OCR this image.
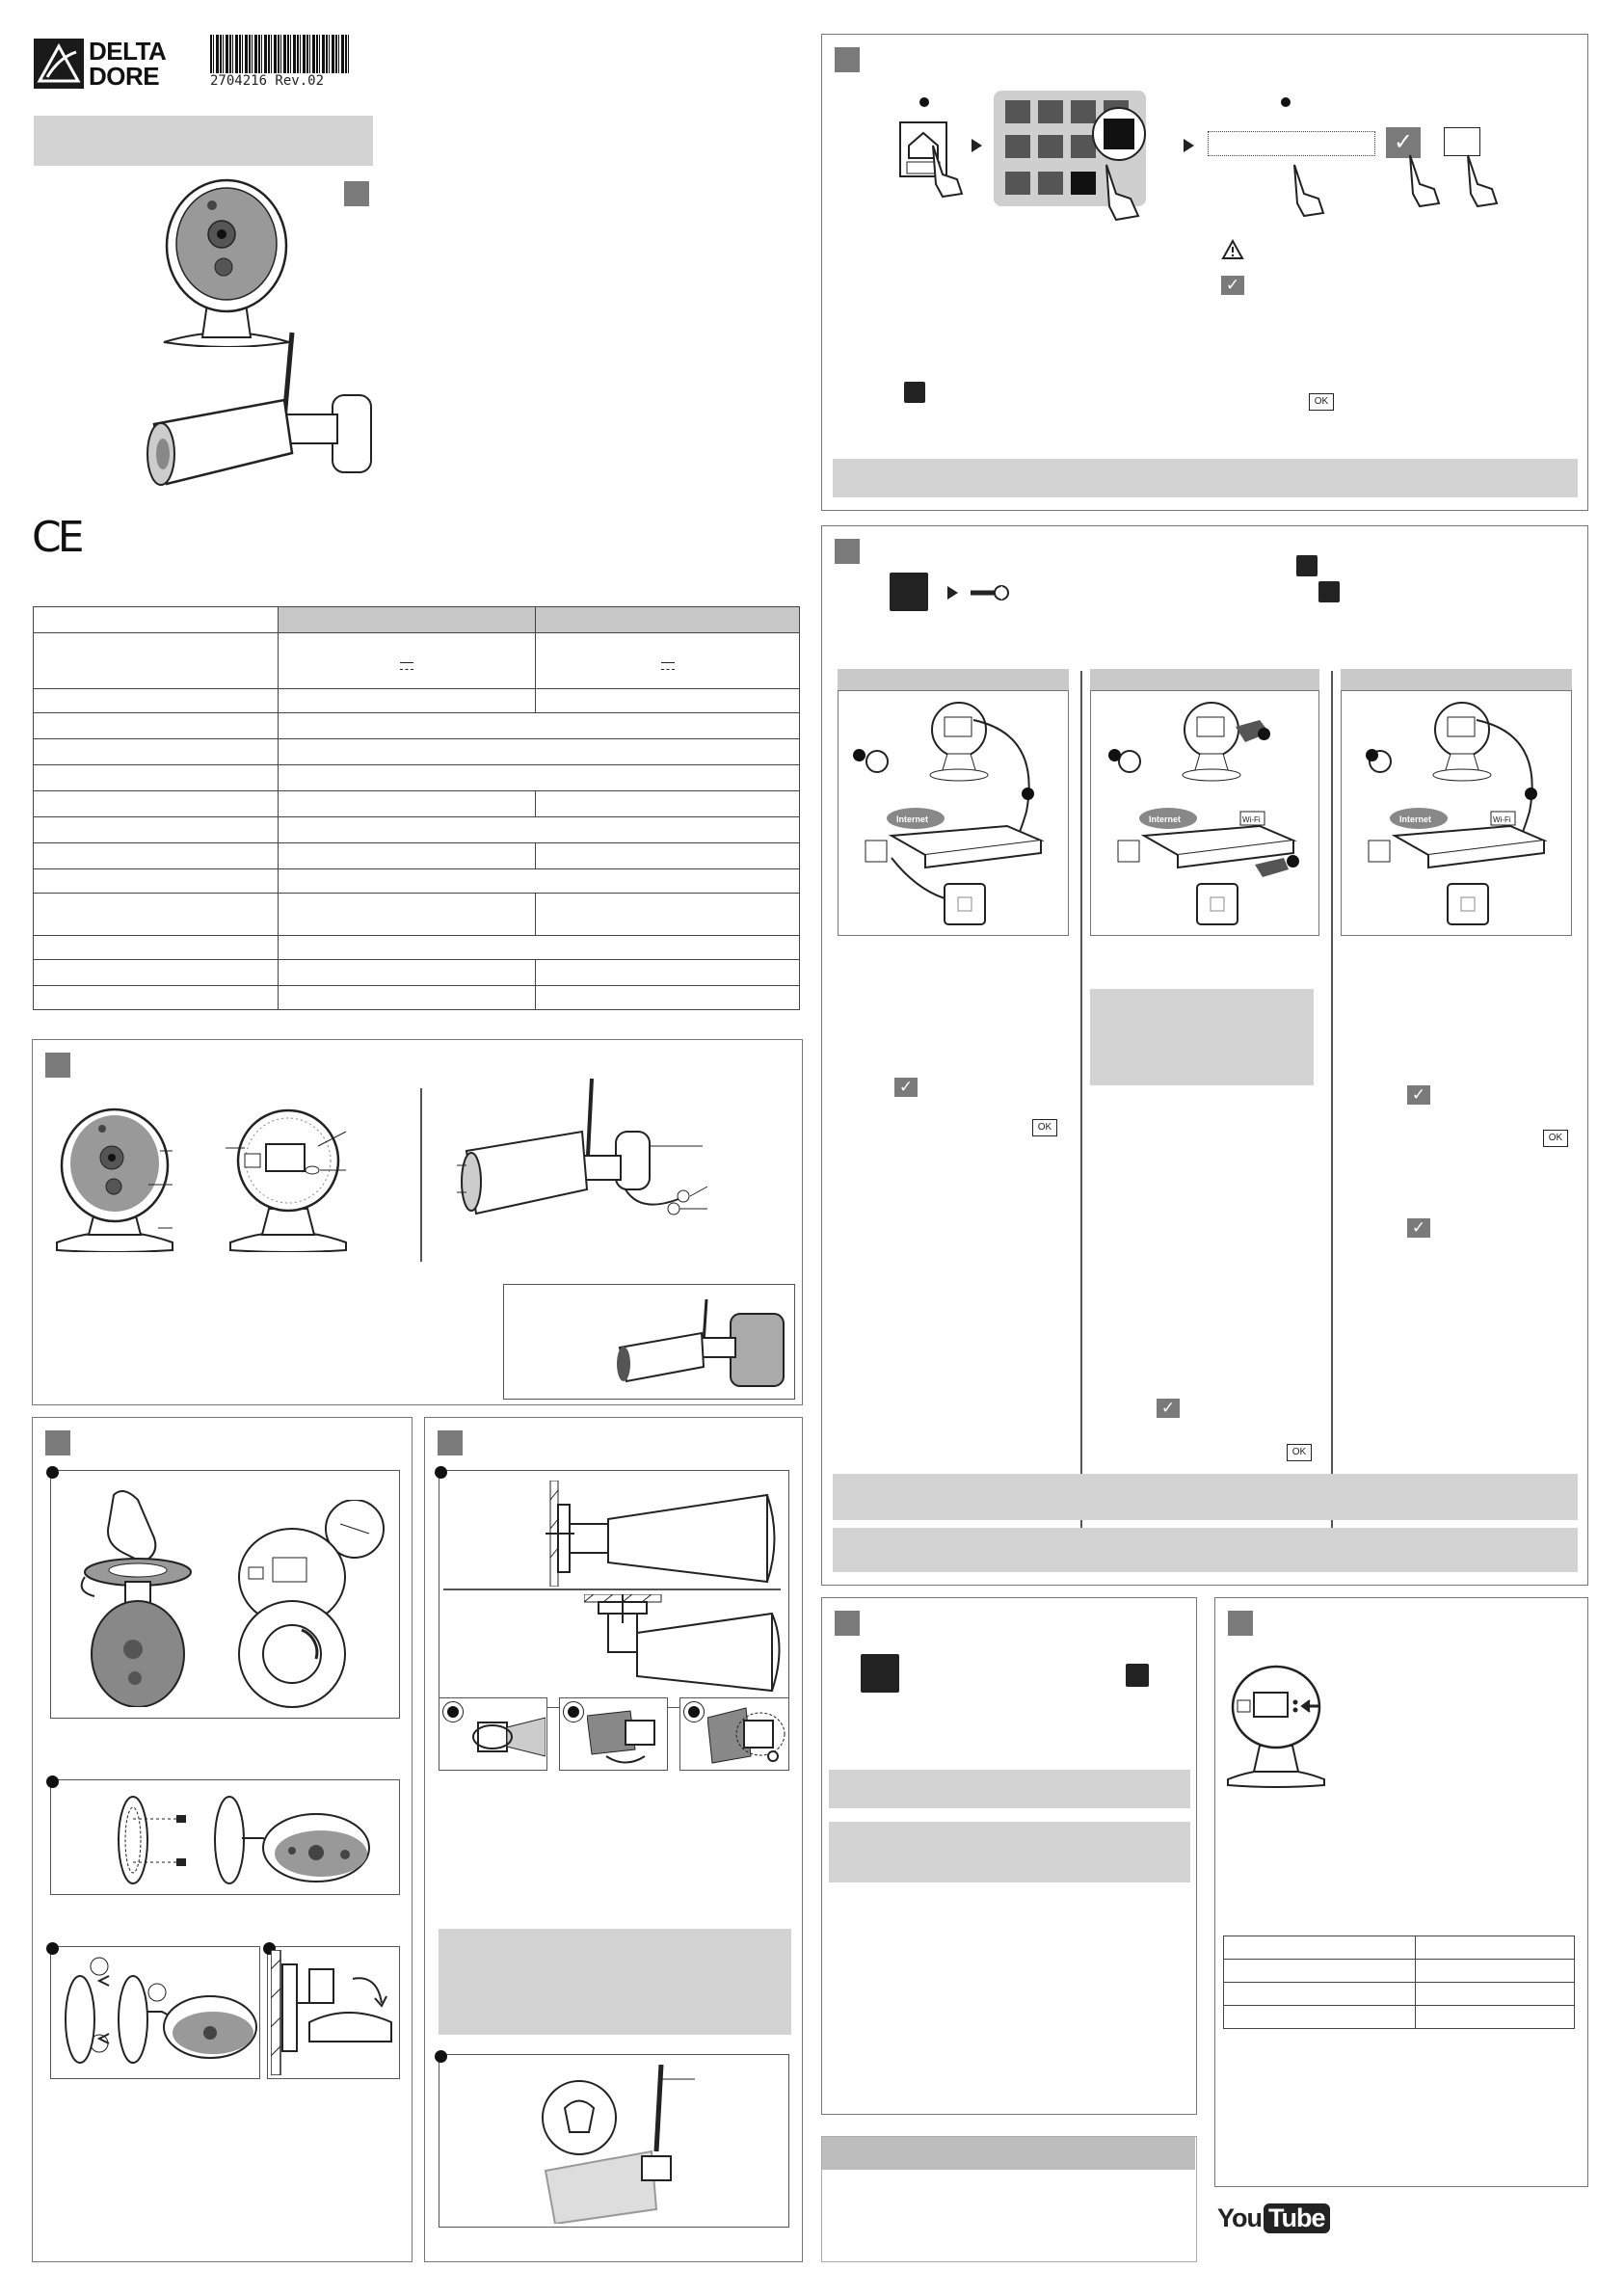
DELTA
DORE	2704216 Rev.02
CE

✓
✓
OK
Internet
✓
OK
Internet	Wi-Fi
✓
OK
Internet	Wi-Fi
✓
OK
✓

You Tube
